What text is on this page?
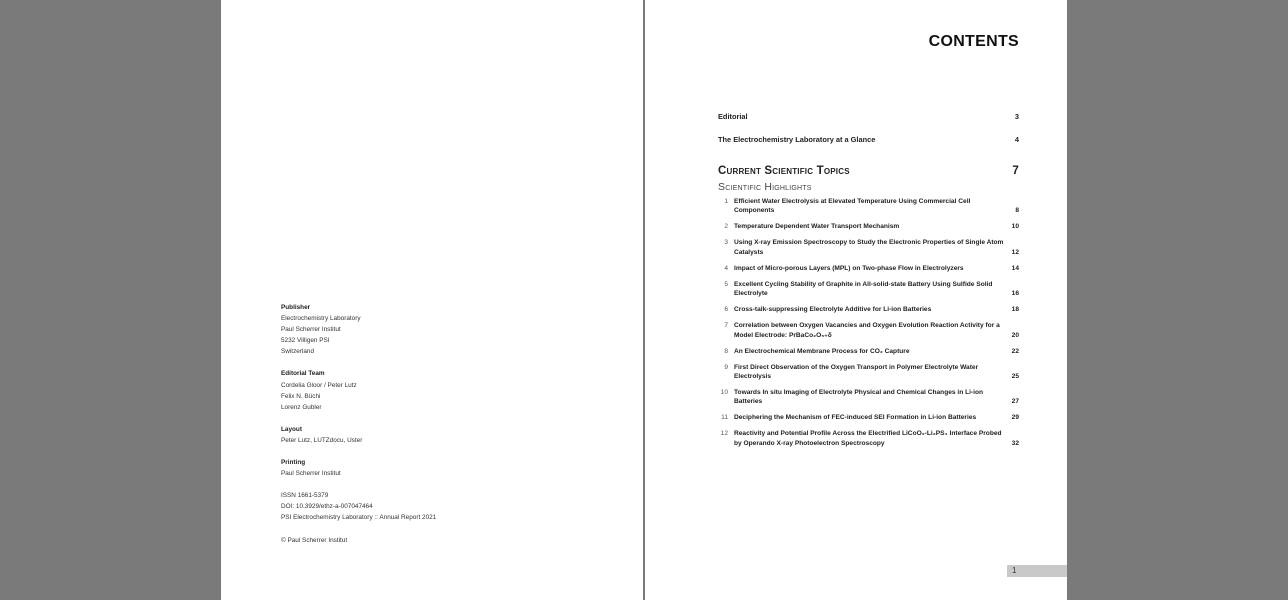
Publisher
Electrochemistry Laboratory
Paul Scherrer Institut
5232 Villigen PSI
Switzerland
Editorial Team
Cordelia Gloor / Peter Lutz
Felix N. Büchi
Lorenz Gubler
Layout
Peter Lutz, LUTZdocu, Uster
Printing
Paul Scherrer Institut
ISSN 1661-5379
DOI: 10.3929/ethz-a-007047464
PSI Electrochemistry Laboratory :: Annual Report 2021
© Paul Scherrer Institut
CONTENTS
Editorial	3
The Electrochemistry Laboratory at a Glance	4
Current Scientific Topics	7
Scientific Highlights
1 Efficient Water Electrolysis at Elevated Temperature Using Commercial Cell Components	8
2 Temperature Dependent Water Transport Mechanism	10
3 Using X-ray Emission Spectroscopy to Study the Electronic Properties of Single Atom Catalysts	12
4 Impact of Micro-porous Layers (MPL) on Two-phase Flow in Electrolyzers	14
5 Excellent Cycling Stability of Graphite in All-solid-state Battery Using Sulfide Solid Electrolyte	16
6 Cross-talk-suppressing Electrolyte Additive for Li-ion Batteries	18
7 Correlation between Oxygen Vacancies and Oxygen Evolution Reaction Activity for a Model Electrode: PrBaCo₂O₅₊δ	20
8 An Electrochemical Membrane Process for CO₂ Capture	22
9 First Direct Observation of the Oxygen Transport in Polymer Electrolyte Water Electrolysis	25
10 Towards In situ Imaging of Electrolyte Physical and Chemical Changes in Li-ion Batteries	27
11 Deciphering the Mechanism of FEC-induced SEI Formation in Li-ion Batteries	29
12 Reactivity and Potential Profile Across the Electrified LiCoO₂-Li₃PS₄ Interface Probed by Operando X-ray Photoelectron Spectroscopy	32
1
